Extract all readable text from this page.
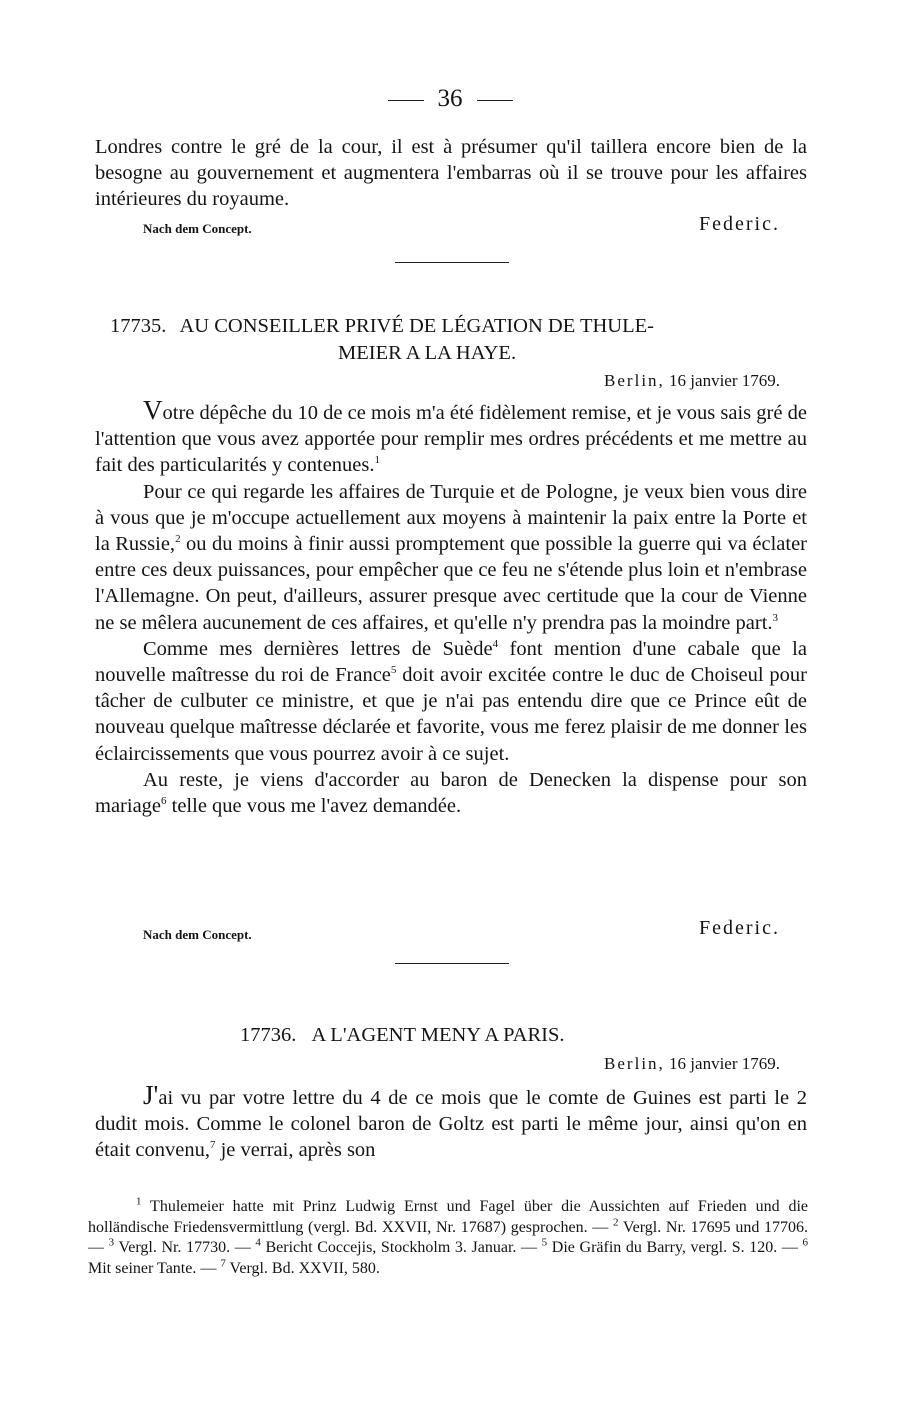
36

Londres contre le gré de la cour, il est à présumer qu'il taillera encore bien de la besogne au gouvernement et augmentera l'embarras où il se trouve pour les affaires intérieures du royaume.

Nach dem Concept.	Federic.
17735. AU CONSEILLER PRIVÉ DE LÉGATION DE THULE-
MEIER A LA HAYE.
Berlin, 16 janvier 1769.

Votre dépêche du 10 de ce mois m'a été fidèlement remise, et je vous sais gré de l'attention que vous avez apportée pour remplir mes ordres précédents et me mettre au fait des particularités y contenues.$^1$

Pour ce qui regarde les affaires de Turquie et de Pologne, je veux bien vous dire à vous que je m'occupe actuellement aux moyens à maintenir la paix entre la Porte et la Russie,$^2$ ou du moins à finir aussi promptement que possible la guerre qui va éclater entre ces deux puissances, pour empêcher que ce feu ne s'étende plus loin et n'embrase l'Allemagne. On peut, d'ailleurs, assurer presque avec certitude que la cour de Vienne ne se mêlera aucunement de ces affaires, et qu'elle n'y prendra pas la moindre part.$^3$

Comme mes dernières lettres de Suède$^4$ font mention d'une cabale que la nouvelle maîtresse du roi de France$^5$ doit avoir excitée contre le duc de Choiseul pour tâcher de culbuter ce ministre, et que je n'ai pas entendu dire que ce Prince eût de nouveau quelque maîtresse déclarée et favorite, vous me ferez plaisir de me donner les éclaircissements que vous pourrez avoir à ce sujet.

Au reste, je viens d'accorder au baron de Denecken la dispense pour son mariage$^6$ telle que vous me l'avez demandée.

Nach dem Concept.	Federic.
17736. A L'AGENT MENY A PARIS.
Berlin, 16 janvier 1769.

J'ai vu par votre lettre du 4 de ce mois que le comte de Guines est parti le 2 dudit mois. Comme le colonel baron de Goltz est parti le même jour, ainsi qu'on en était convenu,$^7$ je verrai, après son

$^1$ Thulemeier hatte mit Prinz Ludwig Ernst und Fagel über die Aussichten auf Frieden und die holländische Friedensvermittlung (vergl. Bd. XXVII, Nr. 17687) gesprochen. — $^2$ Vergl. Nr. 17695 und 17706. — $^3$ Vergl. Nr. 17730. — $^4$ Bericht Coccejis, Stockholm 3. Januar. — $^5$ Die Gräfin du Barry, vergl. S. 120. — $^6$ Mit seiner Tante. — $^7$ Vergl. Bd. XXVII, 580.
